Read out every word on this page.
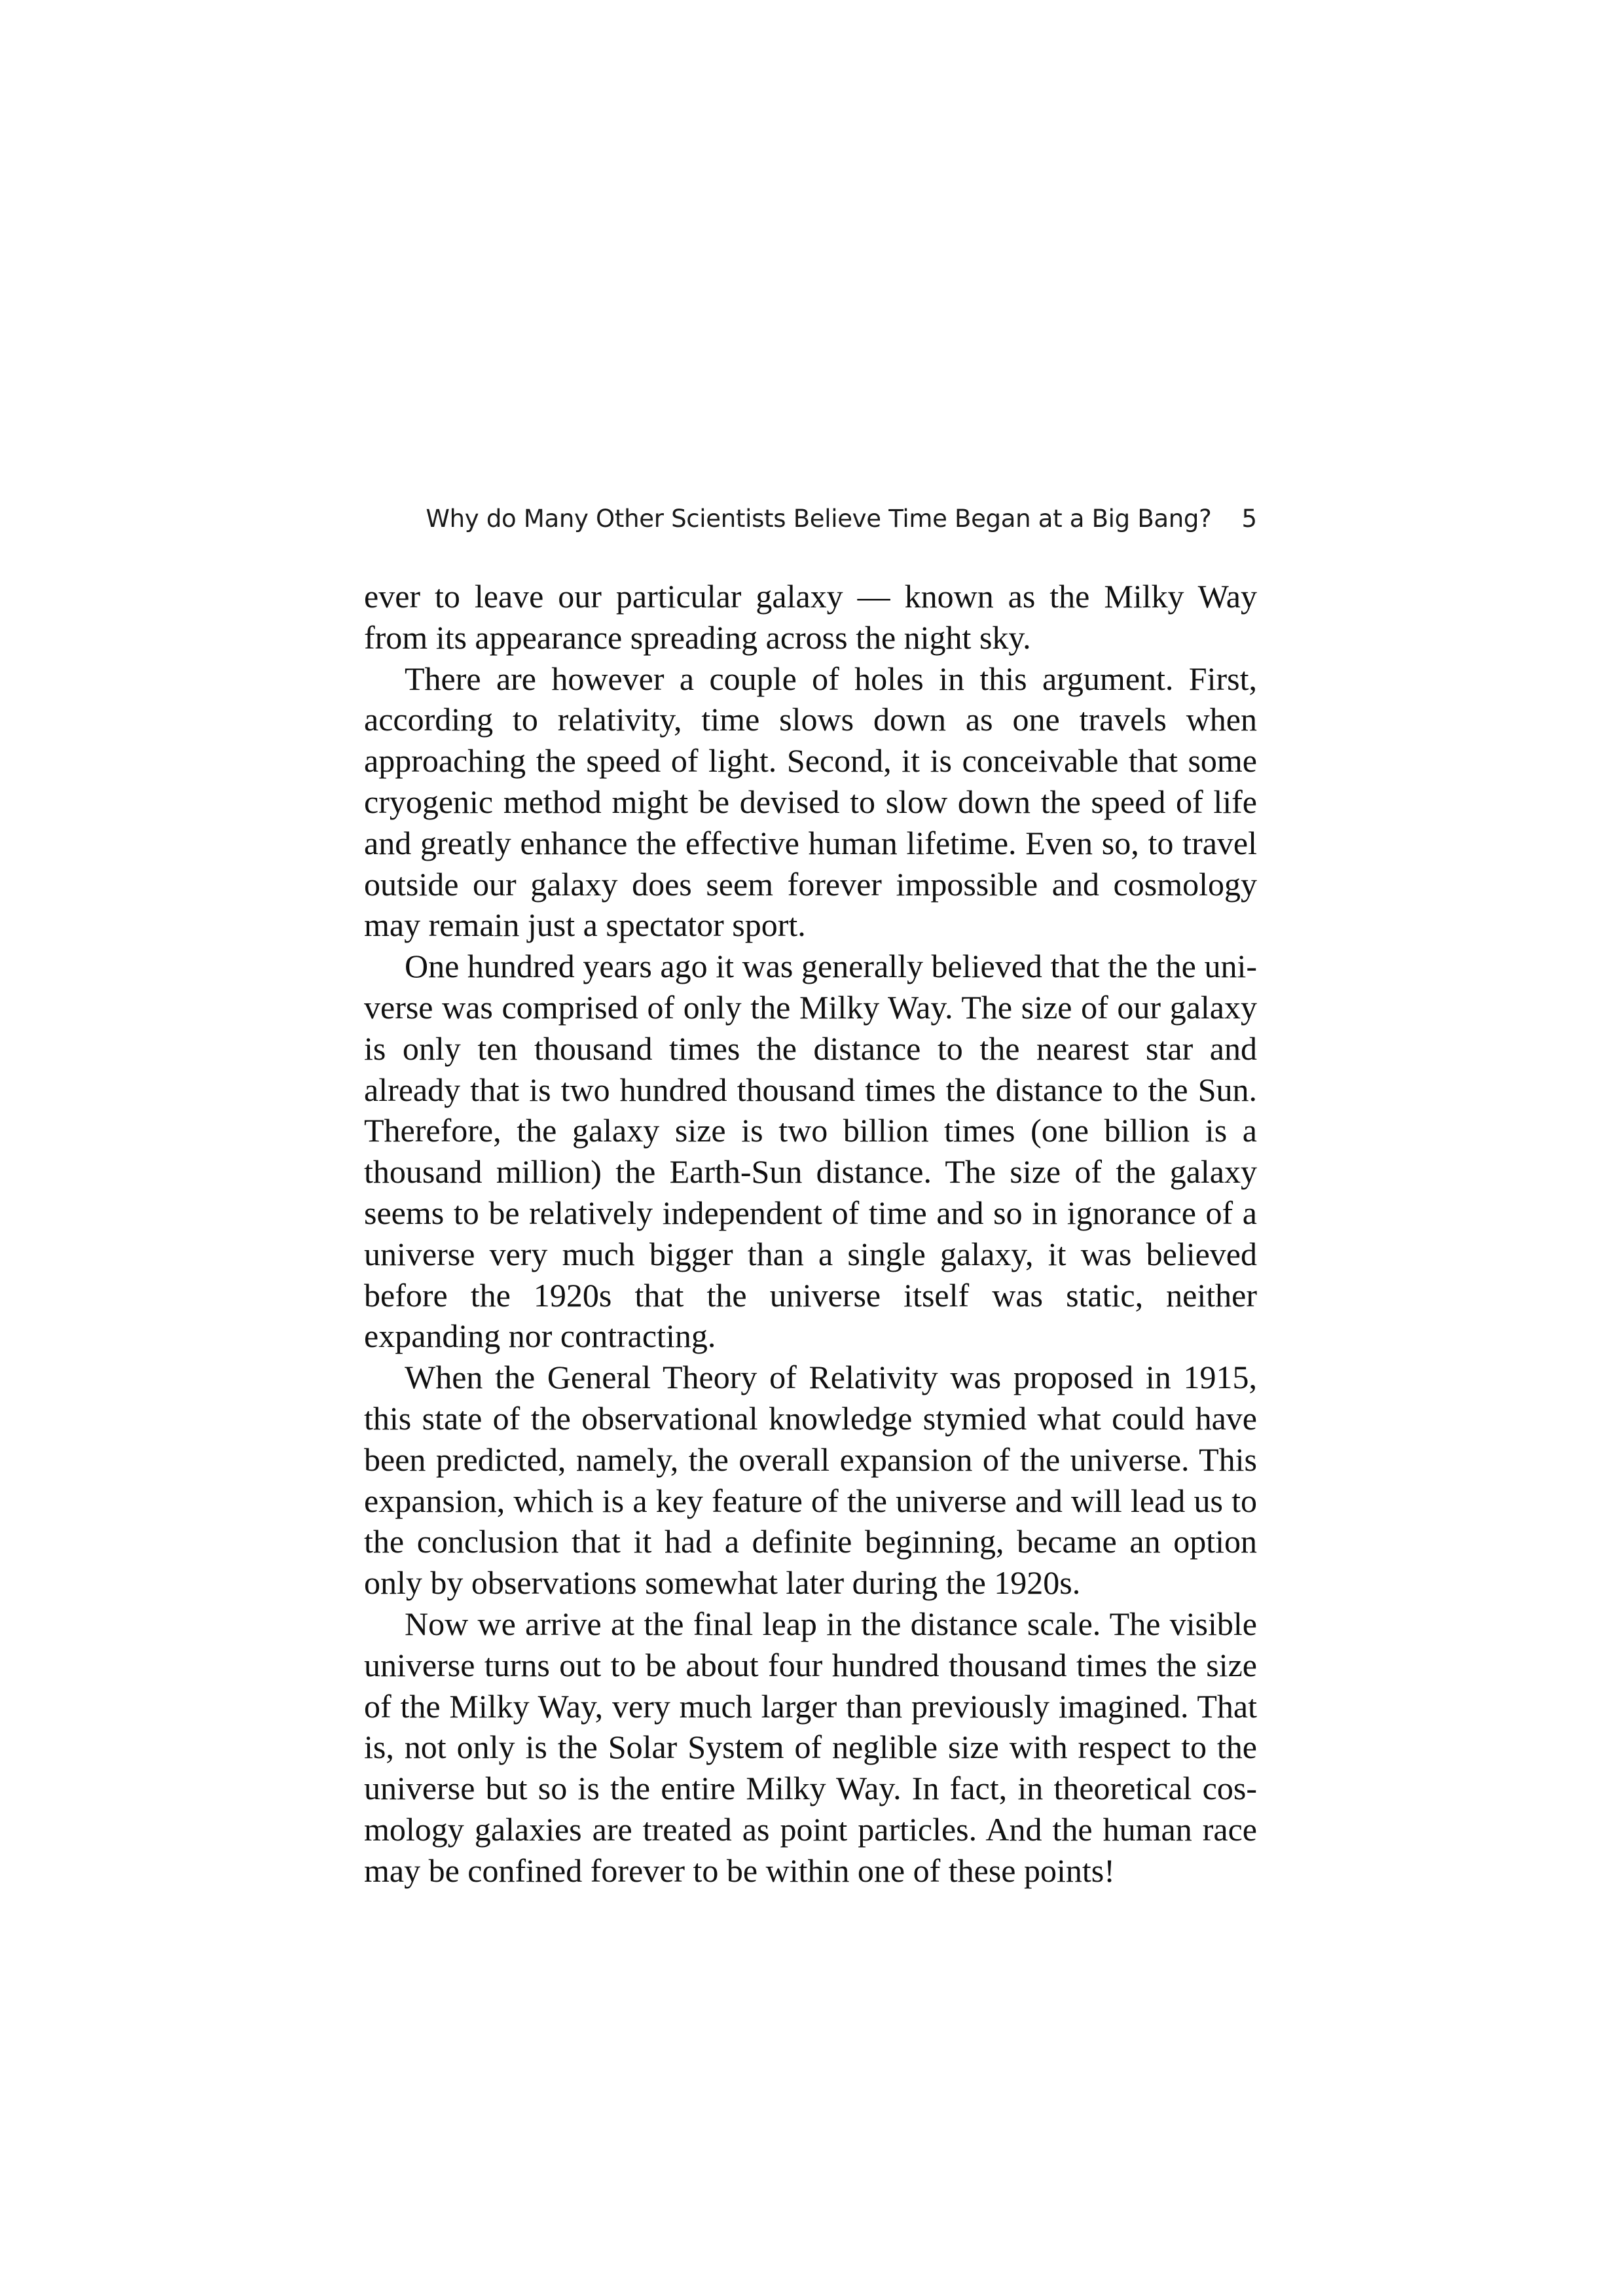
Why do Many Other Scientists Believe Time Began at a Big Bang? 5

ever to leave our particular galaxy — known as the Milky Way from its appearance spreading across the night sky.

There are however a couple of holes in this argument. First, according to relativity, time slows down as one travels when approaching the speed of light. Second, it is conceivable that some cryogenic method might be devised to slow down the speed of life and greatly enhance the effective human lifetime. Even so, to travel outside our galaxy does seem forever impossible and cosmology may remain just a spectator sport.

One hundred years ago it was generally believed that the the universe was comprised of only the Milky Way. The size of our galaxy is only ten thousand times the distance to the nearest star and already that is two hundred thousand times the distance to the Sun. Therefore, the galaxy size is two billion times (one billion is a thousand million) the Earth-Sun distance. The size of the galaxy seems to be relatively independent of time and so in ignorance of a universe very much bigger than a single galaxy, it was believed before the 1920s that the universe itself was static, neither expanding nor contracting.

When the General Theory of Relativity was proposed in 1915, this state of the observational knowledge stymied what could have been predicted, namely, the overall expansion of the universe. This expansion, which is a key feature of the universe and will lead us to the conclusion that it had a definite beginning, became an option only by observations somewhat later during the 1920s.

Now we arrive at the final leap in the distance scale. The visible universe turns out to be about four hundred thousand times the size of the Milky Way, very much larger than previously imagined. That is, not only is the Solar System of neglible size with respect to the universe but so is the entire Milky Way. In fact, in theoretical cosmology galaxies are treated as point particles. And the human race may be confined forever to be within one of these points!
